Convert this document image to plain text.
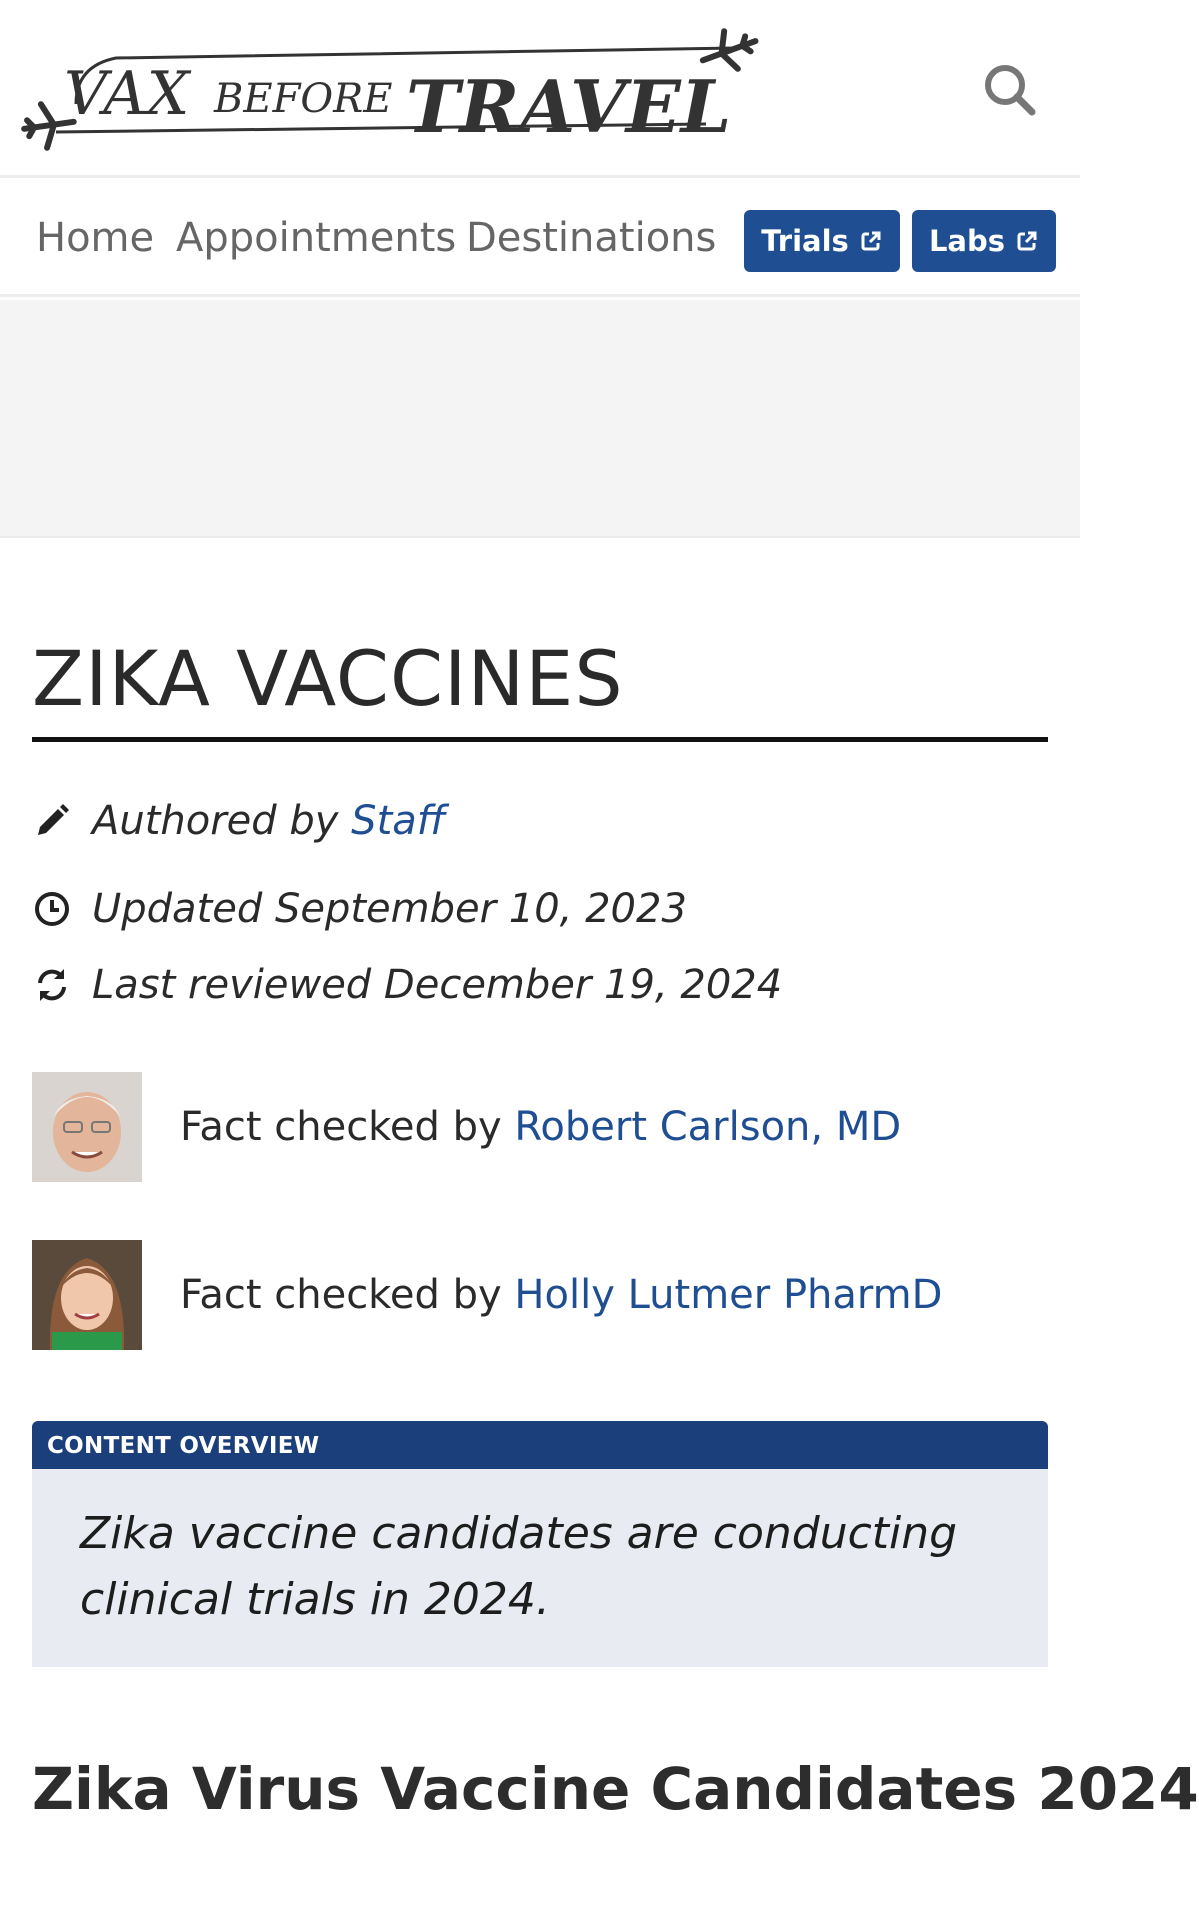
VAX BEFORE TRAVEL
Home Appointments Destinations Trials	Labs
ZIKA VACCINES
Authored by
Staff
Updated September 10, 2023
Last reviewed December 19, 2024
Fact checked by Robert Carlson, MD
Fact checked by Holly Lutmer PharmD
CONTENT OVERVIEW
Zika vaccine candidates are conducting
clinical trials in 2024.
Zika Virus Vaccine Candidates 2024
